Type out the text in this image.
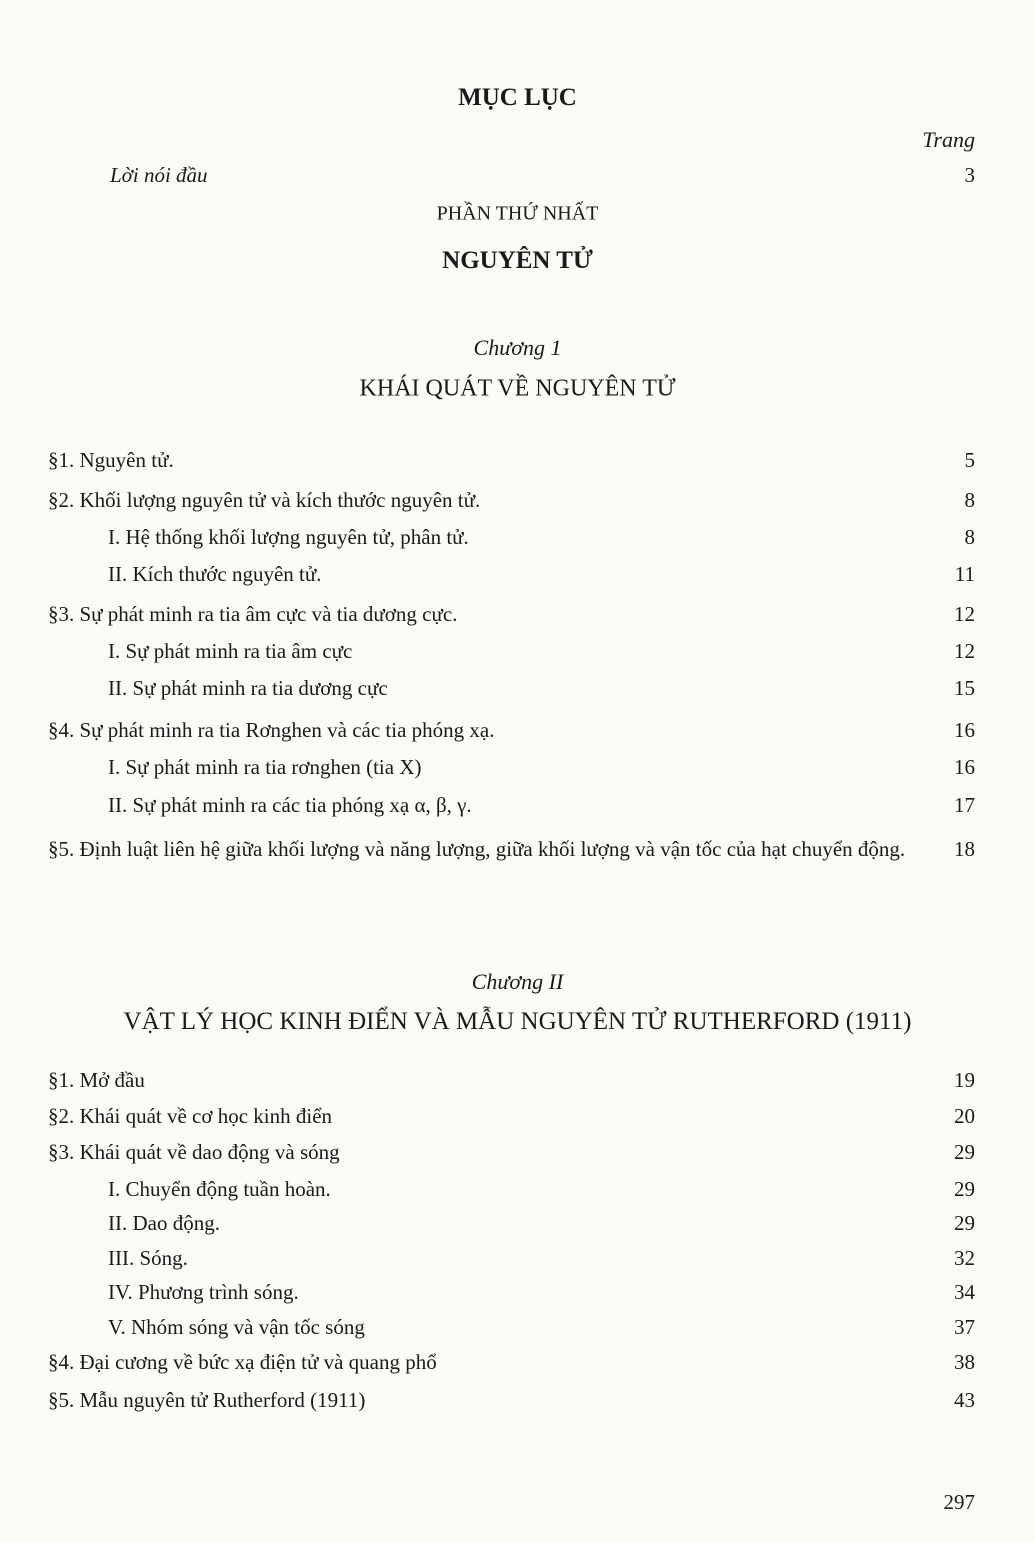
MỤC LỤC
Trang
Lời nói đầu	3
PHẦN THỨ NHẤT
NGUYÊN TỬ
Chương 1
KHÁI QUÁT VỀ NGUYÊN TỬ
§1. Nguyên tử.	5
§2. Khối lượng nguyên tử và kích thước nguyên tử.	8
I. Hệ thống khối lượng nguyên tử, phân tử.	8
II. Kích thước nguyên tử.	11
§3. Sự phát minh ra tia âm cực và tia dương cực.	12
I. Sự phát minh ra tia âm cực	12
II. Sự phát minh ra tia dương cực	15
§4. Sự phát minh ra tia Rơnghen và các tia phóng xạ.	16
I. Sự phát minh ra tia rơnghen (tia X)	16
II. Sự phát minh ra các tia phóng xạ α, β, γ.	17
§5. Định luật liên hệ giữa khối lượng và năng lượng, giữa khối lượng và vận tốc của hạt chuyển động. 18
Chương II
VẬT LÝ HỌC KINH ĐIỂN VÀ MẪU NGUYÊN TỬ RUTHERFORD (1911)
§1. Mở đầu	19
§2. Khái quát về cơ học kinh điển	20
§3. Khái quát về dao động và sóng	29
I. Chuyển động tuần hoàn.	29
II. Dao động.	29
III. Sóng.	32
IV. Phương trình sóng.	34
V. Nhóm sóng và vận tốc sóng	37
§4. Đại cương về bức xạ điện tử và quang phổ	38
§5. Mẫu nguyên tử Rutherford (1911)	43
297
